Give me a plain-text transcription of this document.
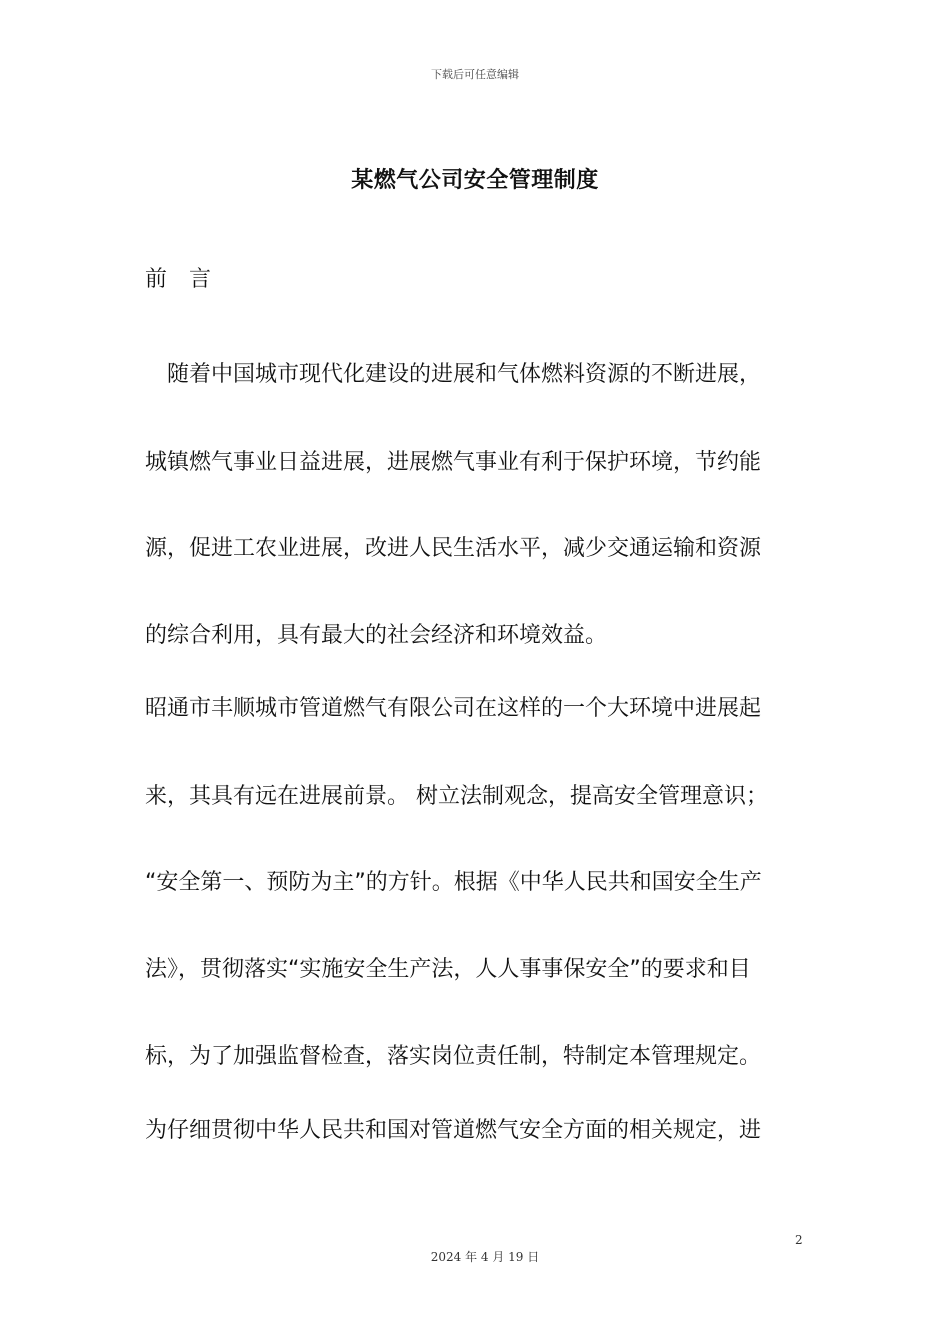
下载后可任意编辑
某燃气公司安全管理制度
前　言
　随着中国城市现代化建设的进展和气体燃料资源的不断进展，
城镇燃气事业日益进展，进展燃气事业有利于保护环境，节约能
源，促进工农业进展，改进人民生活水平，减少交通运输和资源
的综合利用，具有最大的社会经济和环境效益。
昭通市丰顺城市管道燃气有限公司在这样的一个大环境中进展起
来，其具有远在进展前景。 树立法制观念，提高安全管理意识；
“安全第一、预防为主”的方针。根据《中华人民共和国安全生产
法》，贯彻落实“实施安全生产法，人人事事保安全”的要求和目
标，为了加强监督检查，落实岗位责任制，特制定本管理规定。
为仔细贯彻中华人民共和国对管道燃气安全方面的相关规定，进
2
2024 年 4 月 19 日
